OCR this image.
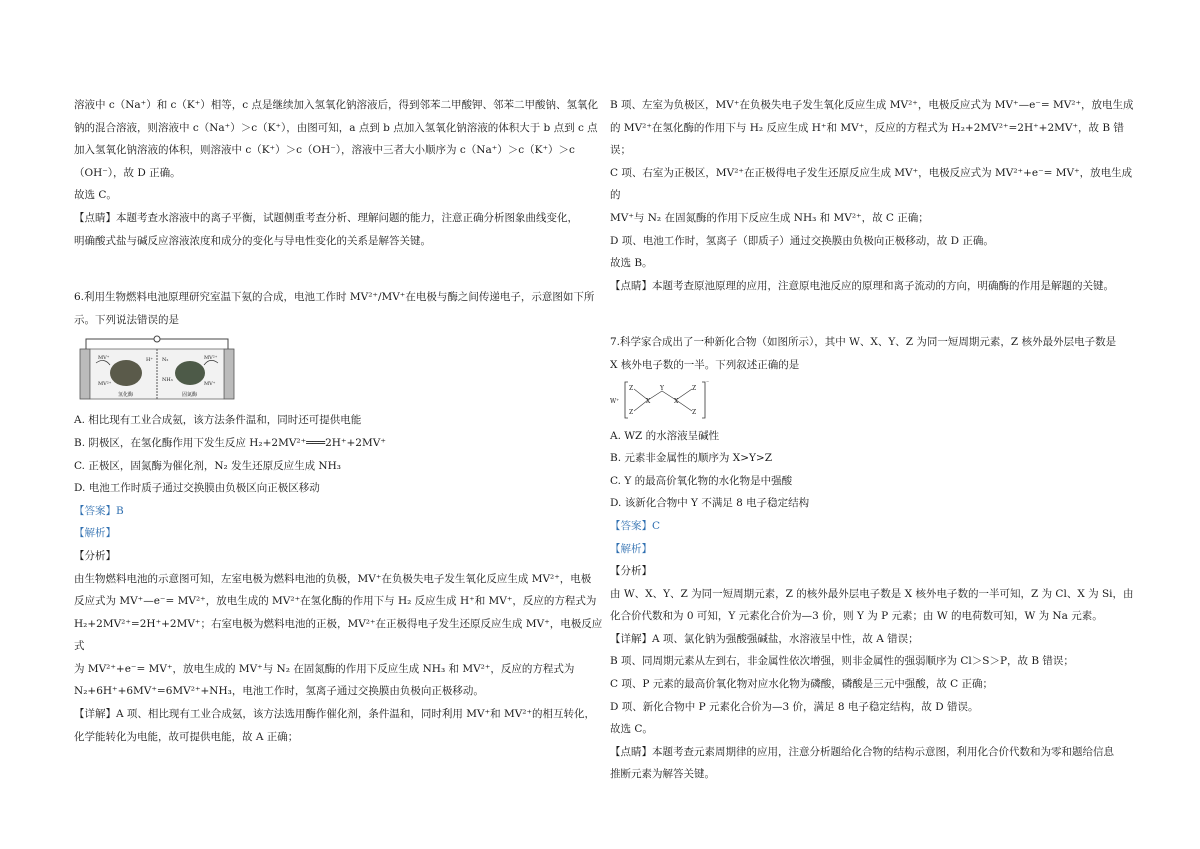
溶液中 c（Na⁺）和 c（K⁺）相等，c 点是继续加入氢氧化钠溶液后，得到邻苯二甲酸钾、邻苯二甲酸钠、氢氧化

钠的混合溶液，则溶液中 c（Na⁺）＞c（K⁺），由图可知，a 点到 b 点加入氢氧化钠溶液的体积大于 b 点到 c 点

加入氢氧化钠溶液的体积，则溶液中 c（K⁺）＞c（OH⁻），溶液中三者大小顺序为 c（Na⁺）＞c（K⁺）＞c

（OH⁻），故 D 正确。

故选 C。

【点睛】本题考查水溶液中的离子平衡，试题侧重考查分析、理解问题的能力，注意正确分析图象曲线变化，

明确酸式盐与碱反应溶液浓度和成分的变化与导电性变化的关系是解答关键。

6.利用生物燃料电池原理研究室温下氨的合成，电池工作时 MV²⁺/MV⁺在电极与酶之间传递电子，示意图如下所

示。下列说法错误的是

MV⁺
MV²⁺
H⁺	MV²⁺
MV⁺
N₂
NH₃
氢化酶	固氮酶

A. 相比现有工业合成氨，该方法条件温和，同时还可提供电能

B. 阴极区，在氢化酶作用下发生反应 H₂+2MV²⁺═══2H⁺+2MV⁺

C. 正极区，固氮酶为催化剂，N₂ 发生还原反应生成 NH₃

D. 电池工作时质子通过交换膜由负极区向正极区移动

【答案】B

【解析】

【分析】

由生物燃料电池的示意图可知，左室电极为燃料电池的负极，MV⁺在负极失电子发生氧化反应生成 MV²⁺，电极

反应式为 MV⁺—e⁻= MV²⁺，放电生成的 MV²⁺在氢化酶的作用下与 H₂ 反应生成 H⁺和 MV⁺，反应的方程式为

H₂+2MV²⁺=2H⁺+2MV⁺；右室电极为燃料电池的正极，MV²⁺在正极得电子发生还原反应生成 MV⁺，电极反应式

为 MV²⁺+e⁻= MV⁺，放电生成的 MV⁺与 N₂ 在固氮酶的作用下反应生成 NH₃ 和 MV²⁺，反应的方程式为

N₂+6H⁺+6MV⁺=6MV²⁺+NH₃，电池工作时，氢离子通过交换膜由负极向正极移动。

【详解】A 项、相比现有工业合成氨，该方法选用酶作催化剂，条件温和，同时利用 MV⁺和 MV²⁺的相互转化，

化学能转化为电能，故可提供电能，故 A 正确；

B 项、左室为负极区，MV⁺在负极失电子发生氧化反应生成 MV²⁺，电极反应式为 MV⁺—e⁻= MV²⁺，放电生成

的 MV²⁺在氢化酶的作用下与 H₂ 反应生成 H⁺和 MV⁺，反应的方程式为 H₂+2MV²⁺=2H⁺+2MV⁺，故 B 错误；

C 项、右室为正极区，MV²⁺在正极得电子发生还原反应生成 MV⁺，电极反应式为 MV²⁺+e⁻= MV⁺，放电生成的

MV⁺与 N₂ 在固氮酶的作用下反应生成 NH₃ 和 MV²⁺，故 C 正确；

D 项、电池工作时，氢离子（即质子）通过交换膜由负极向正极移动，故 D 正确。

故选 B。

【点睛】本题考查原池原理的应用，注意原电池反应的原理和离子流动的方向，明确酶的作用是解题的关键。

7.科学家合成出了一种新化合物（如图所示），其中 W、X、Y、Z 为同一短周期元素，Z 核外最外层电子数是

X 核外电子数的一半。下列叙述正确的是

W⁺
⁻
Z
Z
X
Y
X
Z
Z

A. WZ 的水溶液呈碱性

B. 元素非金属性的顺序为 X>Y>Z

C. Y 的最高价氧化物的水化物是中强酸

D. 该新化合物中 Y 不满足 8 电子稳定结构

【答案】C

【解析】

【分析】

由 W、X、Y、Z 为同一短周期元素，Z 的核外最外层电子数是 X 核外电子数的一半可知，Z 为 Cl、X 为 Si，由

化合价代数和为 0 可知，Y 元素化合价为—3 价，则 Y 为 P 元素；由 W 的电荷数可知，W 为 Na 元素。

【详解】A 项、氯化钠为强酸强碱盐，水溶液呈中性，故 A 错误；

B 项、同周期元素从左到右，非金属性依次增强，则非金属性的强弱顺序为 Cl＞S＞P，故 B 错误；

C 项、P 元素的最高价氧化物对应水化物为磷酸，磷酸是三元中强酸，故 C 正确；

D 项、新化合物中 P 元素化合价为—3 价，满足 8 电子稳定结构，故 D 错误。

故选 C。

【点睛】本题考查元素周期律的应用，注意分析题给化合物的结构示意图，利用化合价代数和为零和题给信息

推断元素为解答关键。
